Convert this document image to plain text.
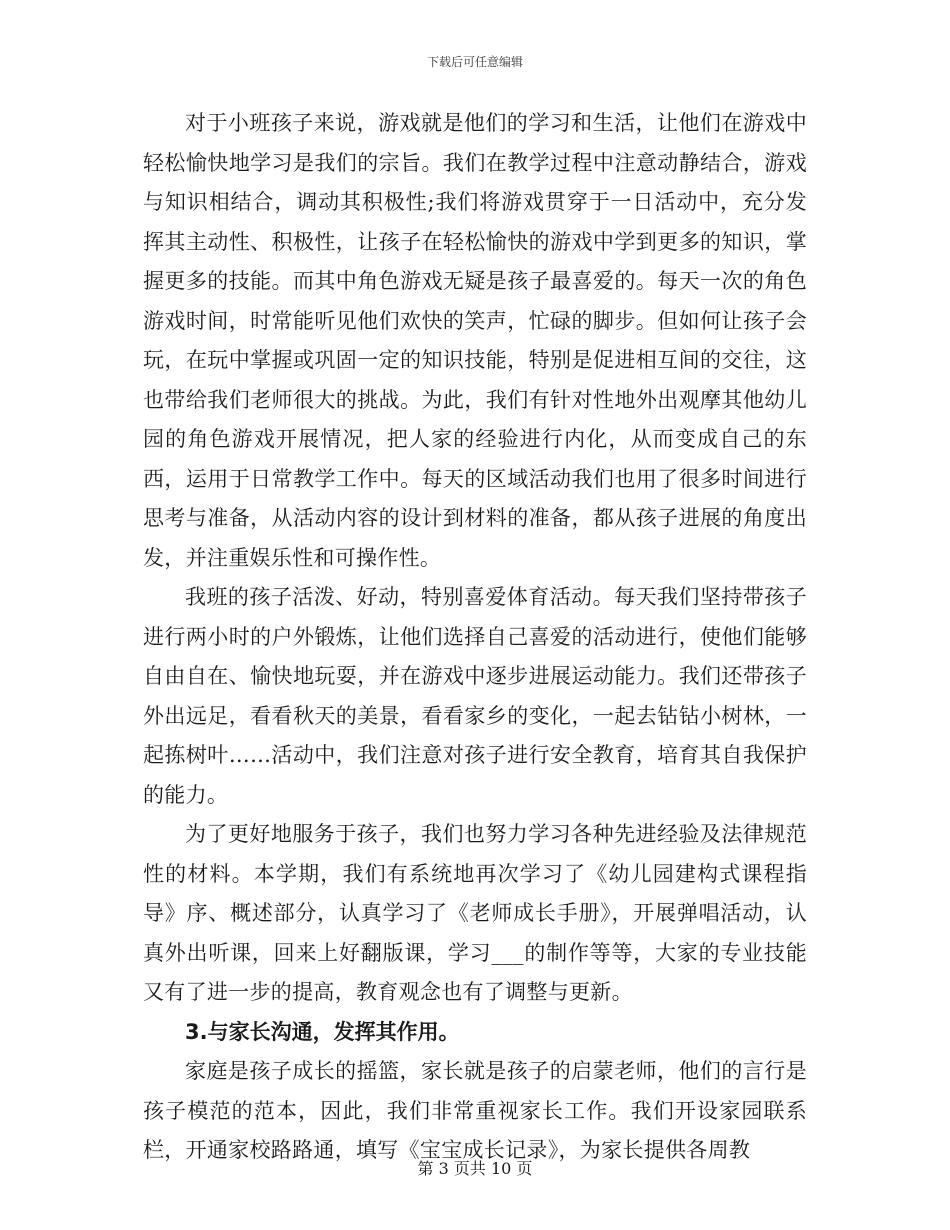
下载后可任意编辑

对于小班孩子来说，游戏就是他们的学习和生活，让他们在游戏中轻松愉快地学习是我们的宗旨。我们在教学过程中注意动静结合，游戏与知识相结合，调动其积极性;我们将游戏贯穿于一日活动中，充分发挥其主动性、积极性，让孩子在轻松愉快的游戏中学到更多的知识，掌握更多的技能。而其中角色游戏无疑是孩子最喜爱的。每天一次的角色游戏时间，时常能听见他们欢快的笑声，忙碌的脚步。但如何让孩子会玩，在玩中掌握或巩固一定的知识技能，特别是促进相互间的交往，这也带给我们老师很大的挑战。为此，我们有针对性地外出观摩其他幼儿园的角色游戏开展情况，把人家的经验进行内化，从而变成自己的东西，运用于日常教学工作中。每天的区域活动我们也用了很多时间进行思考与准备，从活动内容的设计到材料的准备，都从孩子进展的角度出发，并注重娱乐性和可操作性。

我班的孩子活泼、好动，特别喜爱体育活动。每天我们坚持带孩子进行两小时的户外锻炼，让他们选择自己喜爱的活动进行，使他们能够自由自在、愉快地玩耍，并在游戏中逐步进展运动能力。我们还带孩子外出远足，看看秋天的美景，看看家乡的变化，一起去钻钻小树林，一起拣树叶……活动中，我们注意对孩子进行安全教育，培育其自我保护的能力。

为了更好地服务于孩子，我们也努力学习各种先进经验及法律规范性的材料。本学期，我们有系统地再次学习了《幼儿园建构式课程指导》序、概述部分，认真学习了《老师成长手册》，开展弹唱活动，认真外出听课，回来上好翻版课，学习___的制作等等，大家的专业技能又有了进一步的提高，教育观念也有了调整与更新。

3.与家长沟通，发挥其作用。

家庭是孩子成长的摇篮，家长就是孩子的启蒙老师，他们的言行是孩子模范的范本，因此，我们非常重视家长工作。我们开设家园联系栏，开通家校路路通，填写《宝宝成长记录》，为家长提供各周教

第 3 页共 10 页
